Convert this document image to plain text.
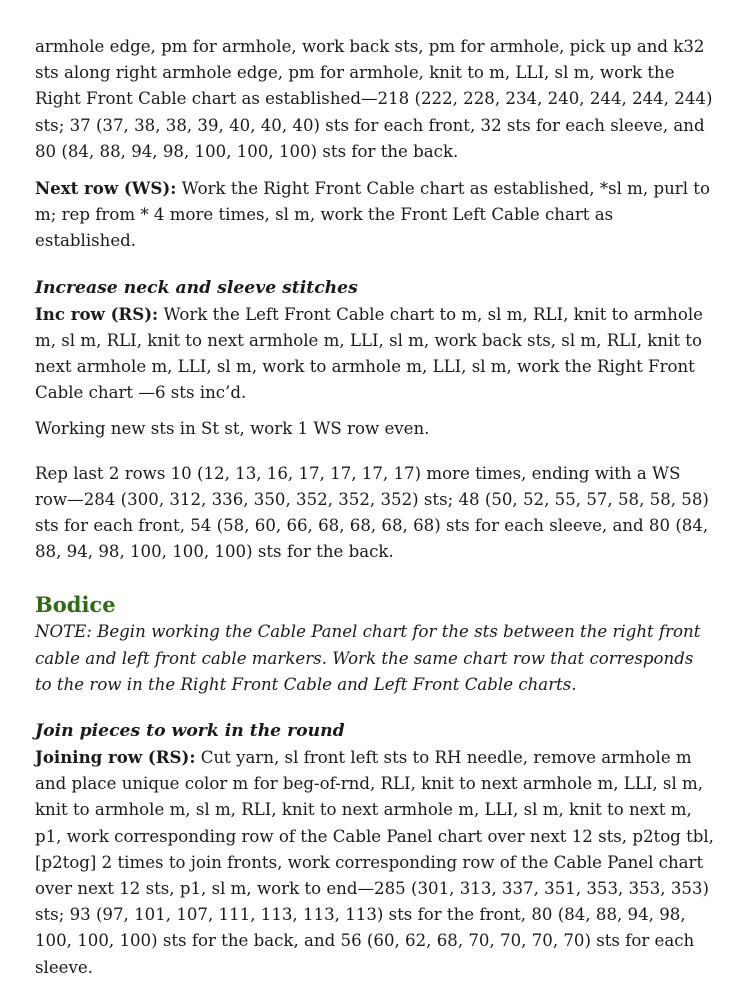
armhole edge, pm for armhole, work back sts, pm for armhole, pick up and k32 sts along right armhole edge, pm for armhole, knit to m, LLI, sl m, work the Right Front Cable chart as established—218 (222, 228, 234, 240, 244, 244, 244) sts; 37 (37, 38, 38, 39, 40, 40, 40) sts for each front, 32 sts for each sleeve, and 80 (84, 88, 94, 98, 100, 100, 100) sts for the back.

Next row (WS): Work the Right Front Cable chart as established, *sl m, purl to m; rep from * 4 more times, sl m, work the Front Left Cable chart as established.

Increase neck and sleeve stitches

Inc row (RS): Work the Left Front Cable chart to m, sl m, RLI, knit to armhole m, sl m, RLI, knit to next armhole m, LLI, sl m, work back sts, sl m, RLI, knit to next armhole m, LLI, sl m, work to armhole m, LLI, sl m, work the Right Front Cable chart —6 sts inc’d.

Working new sts in St st, work 1 WS row even.

Rep last 2 rows 10 (12, 13, 16, 17, 17, 17, 17) more times, ending with a WS row—284 (300, 312, 336, 350, 352, 352, 352) sts; 48 (50, 52, 55, 57, 58, 58, 58) sts for each front, 54 (58, 60, 66, 68, 68, 68, 68) sts for each sleeve, and 80 (84, 88, 94, 98, 100, 100, 100) sts for the back.

Bodice

NOTE: Begin working the Cable Panel chart for the sts between the right front cable and left front cable markers. Work the same chart row that corresponds to the row in the Right Front Cable and Left Front Cable charts.

Join pieces to work in the round

Joining row (RS): Cut yarn, sl front left sts to RH needle, remove armhole m and place unique color m for beg-of-rnd, RLI, knit to next armhole m, LLI, sl m, knit to armhole m, sl m, RLI, knit to next armhole m, LLI, sl m, knit to next m, p1, work corresponding row of the Cable Panel chart over next 12 sts, p2tog tbl, [p2tog] 2 times to join fronts, work corresponding row of the Cable Panel chart over next 12 sts, p1, sl m, work to end—285 (301, 313, 337, 351, 353, 353, 353) sts; 93 (97, 101, 107, 111, 113, 113, 113) sts for the front, 80 (84, 88, 94, 98, 100, 100, 100) sts for the back, and 56 (60, 62, 68, 70, 70, 70, 70) sts for each sleeve.
